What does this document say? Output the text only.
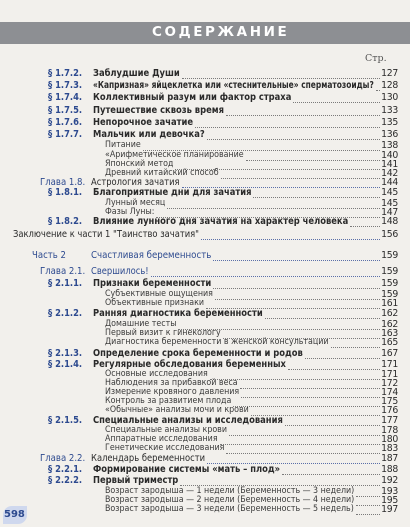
СОДЕРЖАНИЕ
Стр.
§ 1.7.2. Заблудшие Души	127
§ 1.7.3. «Капризная» яйцеклетка или «стеснительные» сперматозоиды? 128
§ 1.7.4. Коллективный разум или фактор страха	130
§ 1.7.5. Путешествие сквозь время	133
§ 1.7.6. Непорочное зачатие	135
§ 1.7.7. Мальчик или девочка?	136
Питание	138
«Арифметическое планирование	140
Японский метод	141
Древний китайский способ	142
Глава 1.8. Астрология зачатия	144
§ 1.8.1. Благоприятные дни для зачатия	145
Лунный месяц	145
Фазы Луны:	147
§ 1.8.2. Влияние лунного дня зачатия на характер человека	148
Заключение к части 1 "Таинство зачатия"	156
Часть 2	Счастливая беременность	159
Глава 2.1. Свершилось!	159
§ 2.1.1. Признаки беременности	159
Субъективные ощущения	159
Объективные признаки	161
§ 2.1.2. Ранняя диагностика беременности	162
Домашние тесты	162
Первый визит к гинекологу	163
Диагностика беременности в женской консультации	165
§ 2.1.3. Определение срока беременности и родов	167
§ 2.1.4. Регулярные обследования беременных	171
Основные исследования	171
Наблюдения за прибавкой веса	172
Измерение кровяного давления	174
Контроль за развитием плода	175
«Обычные» анализы мочи и крови	176
§ 2.1.5. Специальные анализы и исследования	177
Специальные анализы крови	178
Аппаратные исследования	180
Генетические исследования	183
Глава 2.2. Календарь беременности	187
§ 2.2.1. Формирование системы «мать – плод»	188
§ 2.2.2. Первый триместр	192
Возраст зародыша — 1 недели (Беременность — 3 недели)	193
Возраст зародыша — 2 недели (Беременность — 4 недели)	195
Возраст зародыша — 3 недели (Беременность — 5 недель)	197
598
